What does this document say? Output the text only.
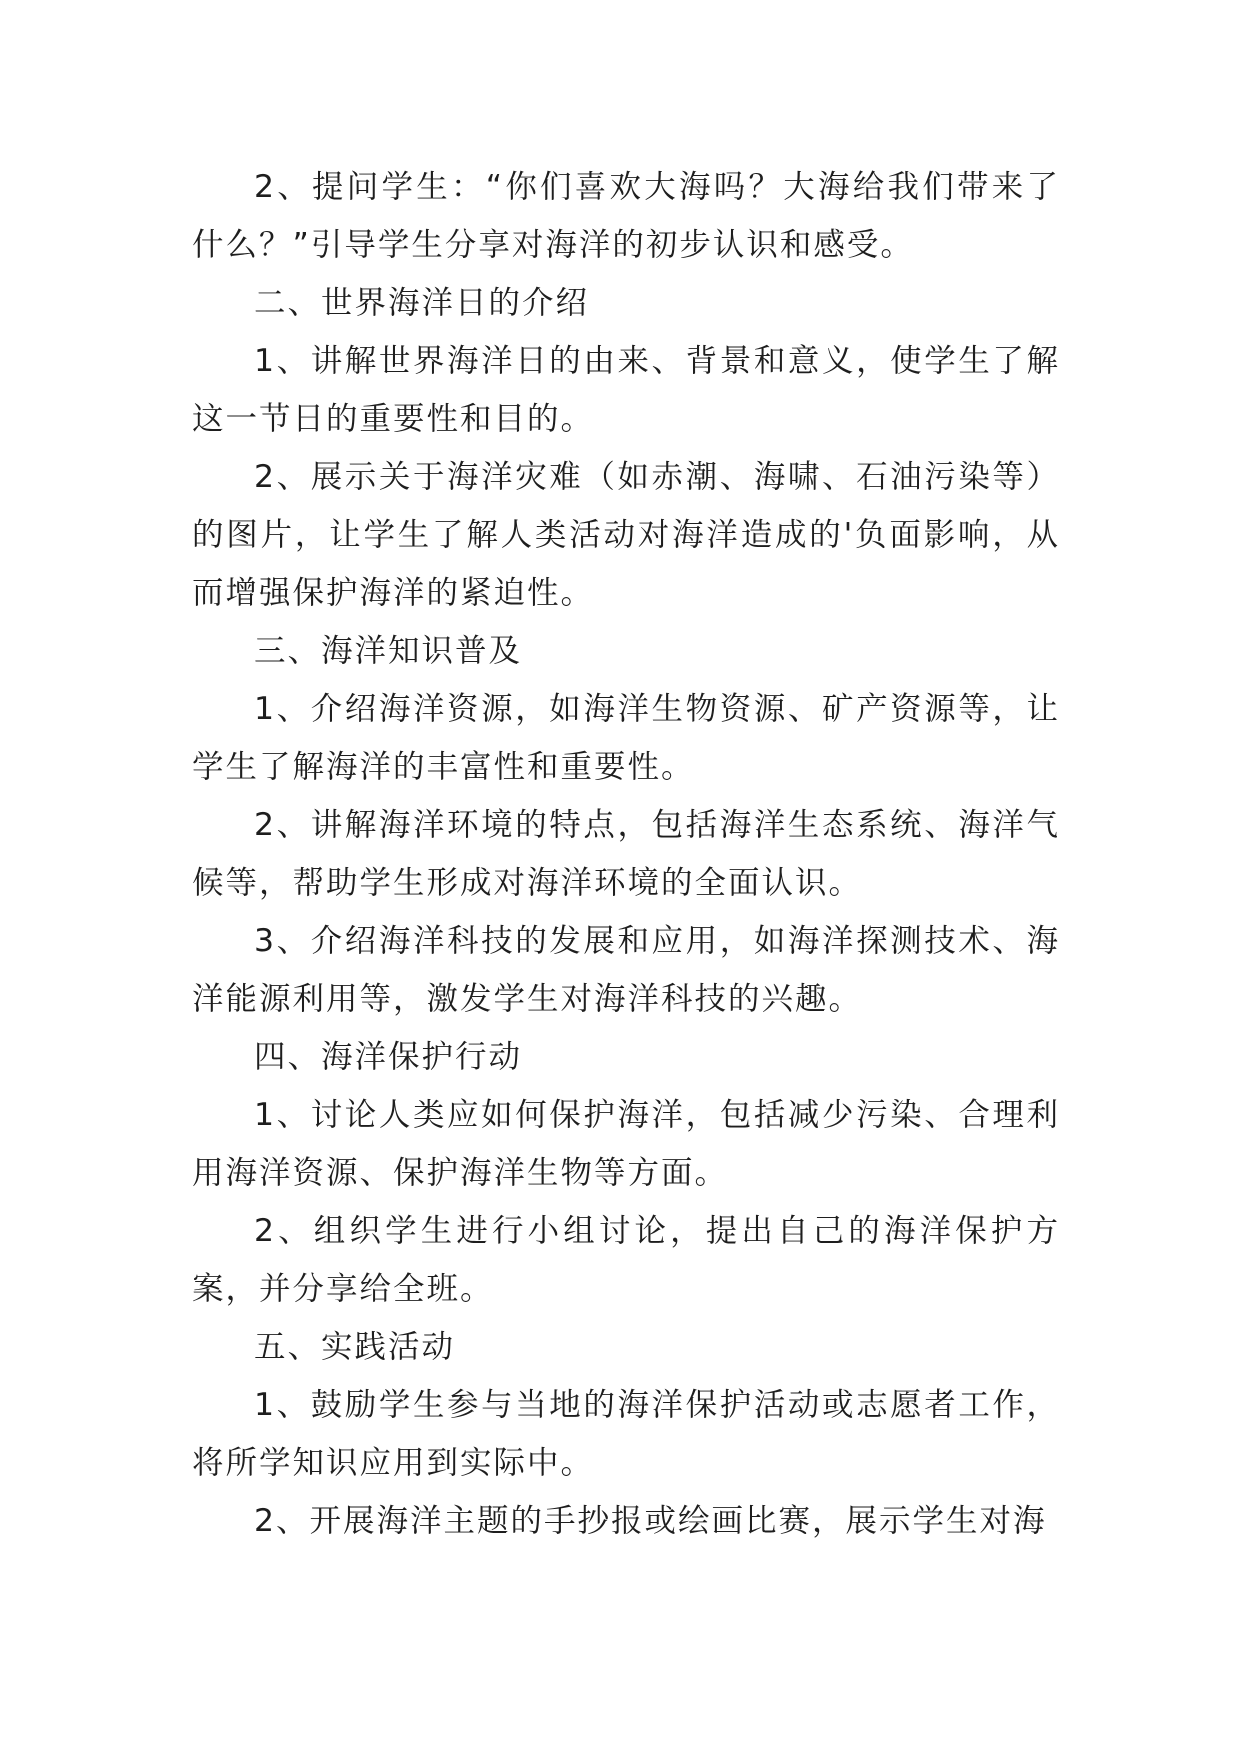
2、提问学生：“你们喜欢大海吗？大海给我们带来了什么？”引导学生分享对海洋的初步认识和感受。

二、世界海洋日的介绍

1、讲解世界海洋日的由来、背景和意义，使学生了解这一节日的重要性和目的。

2、展示关于海洋灾难（如赤潮、海啸、石油污染等）的图片，让学生了解人类活动对海洋造成的'负面影响，从而增强保护海洋的紧迫性。

三、海洋知识普及

1、介绍海洋资源，如海洋生物资源、矿产资源等，让学生了解海洋的丰富性和重要性。

2、讲解海洋环境的特点，包括海洋生态系统、海洋气候等，帮助学生形成对海洋环境的全面认识。

3、介绍海洋科技的发展和应用，如海洋探测技术、海洋能源利用等，激发学生对海洋科技的兴趣。

四、海洋保护行动

1、讨论人类应如何保护海洋，包括减少污染、合理利用海洋资源、保护海洋生物等方面。

2、组织学生进行小组讨论，提出自己的海洋保护方案，并分享给全班。

五、实践活动

1、鼓励学生参与当地的海洋保护活动或志愿者工作，将所学知识应用到实际中。

2、开展海洋主题的手抄报或绘画比赛，展示学生对海
